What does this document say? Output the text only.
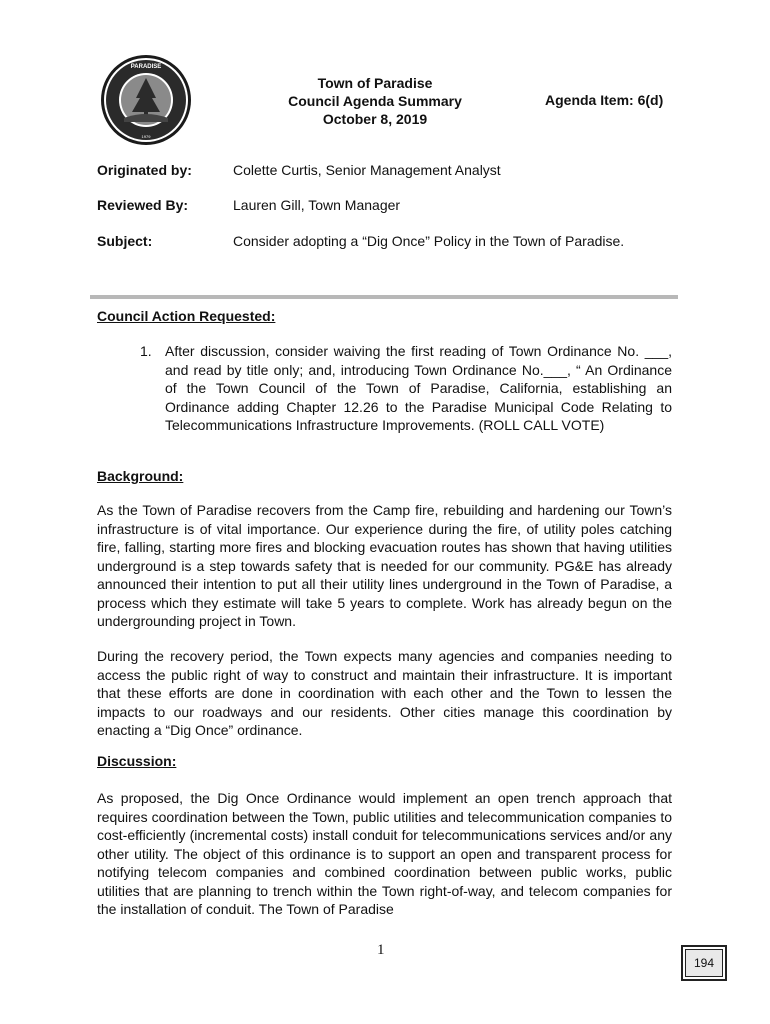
PARADISE
1979
Town of Paradise
Council Agenda Summary
October 8, 2019
Agenda Item: 6(d)
Originated by:	Colette Curtis, Senior Management Analyst
Reviewed By:	Lauren Gill, Town Manager
Subject:	Consider adopting a “Dig Once” Policy in the Town of Paradise.
Council Action Requested:
1. After discussion, consider waiving the first reading of Town Ordinance No. ___, and read by title only; and, introducing Town Ordinance No.___, “ An Ordinance of the Town Council of the Town of Paradise, California, establishing an Ordinance adding Chapter 12.26 to the Paradise Municipal Code Relating to Telecommunications Infrastructure Improvements. (ROLL CALL VOTE)
Background:

As the Town of Paradise recovers from the Camp fire, rebuilding and hardening our Town’s infrastructure is of vital importance. Our experience during the fire, of utility poles catching fire, falling, starting more fires and blocking evacuation routes has shown that having utilities underground is a step towards safety that is needed for our community. PG&E has already announced their intention to put all their utility lines underground in the Town of Paradise, a process which they estimate will take 5 years to complete. Work has already begun on the undergrounding project in Town.

During the recovery period, the Town expects many agencies and companies needing to access the public right of way to construct and maintain their infrastructure. It is important that these efforts are done in coordination with each other and the Town to lessen the impacts to our roadways and our residents. Other cities manage this coordination by enacting a “Dig Once” ordinance.

Discussion:

As proposed, the Dig Once Ordinance would implement an open trench approach that requires coordination between the Town, public utilities and telecommunication companies to cost-efficiently (incremental costs) install conduit for telecommunications services and/or any other utility. The object of this ordinance is to support an open and transparent process for notifying telecom companies and combined coordination between public works, public utilities that are planning to trench within the Town right-of-way, and telecom companies for the installation of conduit. The Town of Paradise

1
194
